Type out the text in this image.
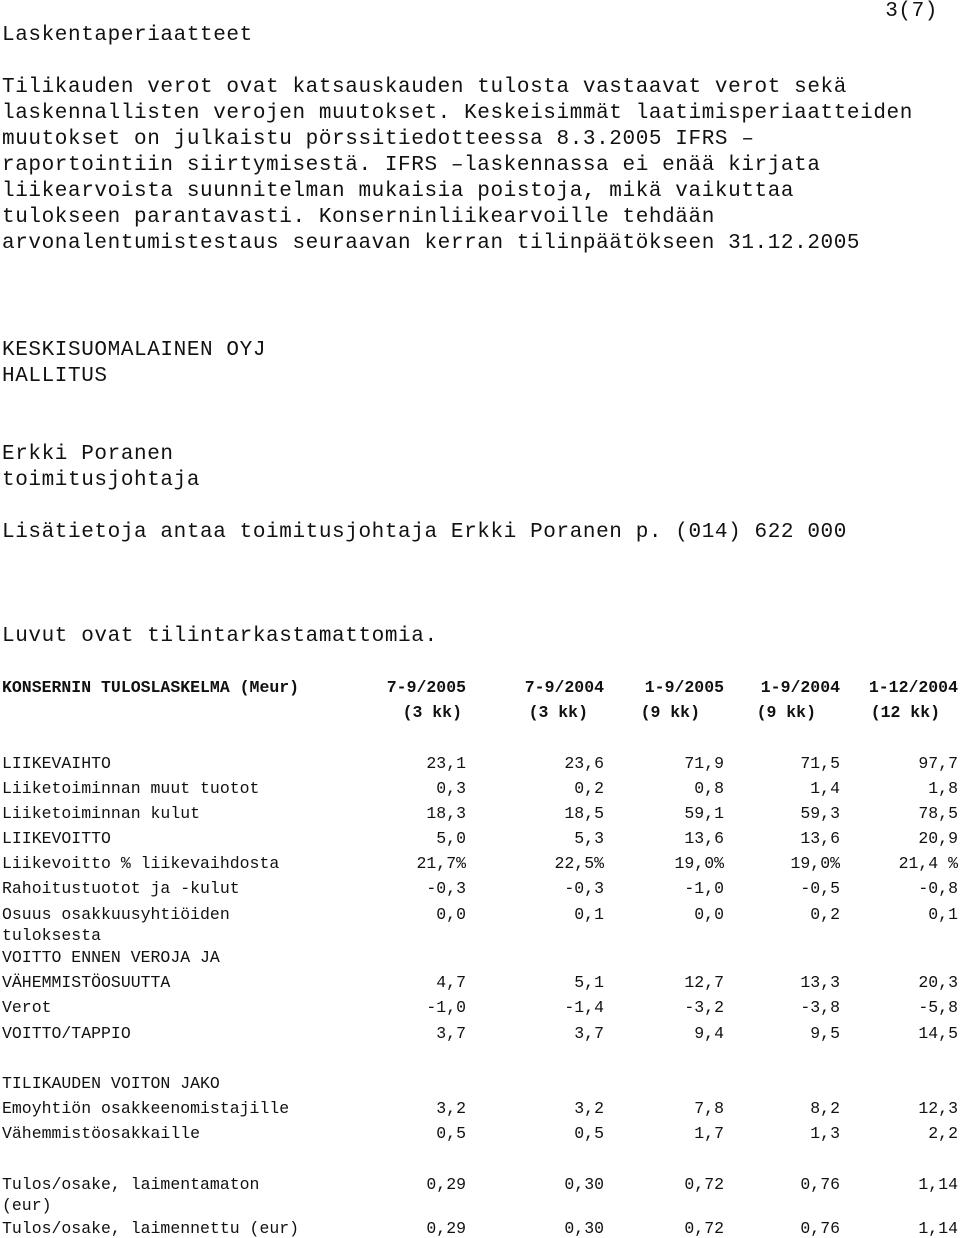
Laskentaperiaatteet
3(7)
Tilikauden verot ovat katsauskauden tulosta vastaavat verot sekä
laskennallisten verojen muutokset. Keskeisimmät laatimisperiaatteiden
muutokset on julkaistu pörssitiedotteessa 8.3.2005 IFRS –
raportointiin siirtymisestä. IFRS –laskennassa ei enää kirjata
liikearvoista suunnitelman mukaisia poistoja, mikä vaikuttaa
tulokseen parantavasti. Konserninliikearvoille tehdään
arvonalentumistestaus seuraavan kerran tilinpäätökseen 31.12.2005
KESKISUOMALAINEN OYJ
HALLITUS
Erkki Poranen
toimitusjohtaja
Lisätietoja antaa toimitusjohtaja Erkki Poranen p. (014) 622 000
Luvut ovat tilintarkastamattomia.
KONSERNIN TULOSLASKELMA (Meur)	7-9/2005	7-9/2004 1-9/2005 1-9/2004 1-12/2004
(3 kk)	(3 kk)	(9 kk)	(9 kk)	(12 kk)
LIIKEVAIHTO	23,1	23,6	71,9	71,5	97,7
Liiketoiminnan muut tuotot	0,3	0,2	0,8	1,4	1,8
Liiketoiminnan kulut	18,3	18,5	59,1	59,3	78,5
LIIKEVOITTO	5,0	5,3	13,6	13,6	20,9
Liikevoitto % liikevaihdosta	21,7%	22,5%	19,0%	19,0%	21,4 %
Rahoitustuotot ja -kulut	-0,3	-0,3	-1,0	-0,5	-0,8
Osuus osakkuusyhtiöiden
tuloksesta
0,0	0,1	0,0	0,2	0,1
VOITTO ENNEN VEROJA JA
VÄHEMMISTÖOSUUTTA	4,7	5,1	12,7	13,3	20,3
Verot	-1,0	-1,4	-3,2	-3,8	-5,8
VOITTO/TAPPIO	3,7	3,7	9,4	9,5	14,5
TILIKAUDEN VOITON JAKO
Emoyhtiön osakkeenomistajille	3,2	3,2	7,8	8,2	12,3
Vähemmistöosakkaille	0,5	0,5	1,7	1,3	2,2
Tulos/osake, laimentamaton
(eur)
0,29	0,30	0,72	0,76	1,14
Tulos/osake, laimennettu (eur)	0,29	0,30	0,72	0,76	1,14
